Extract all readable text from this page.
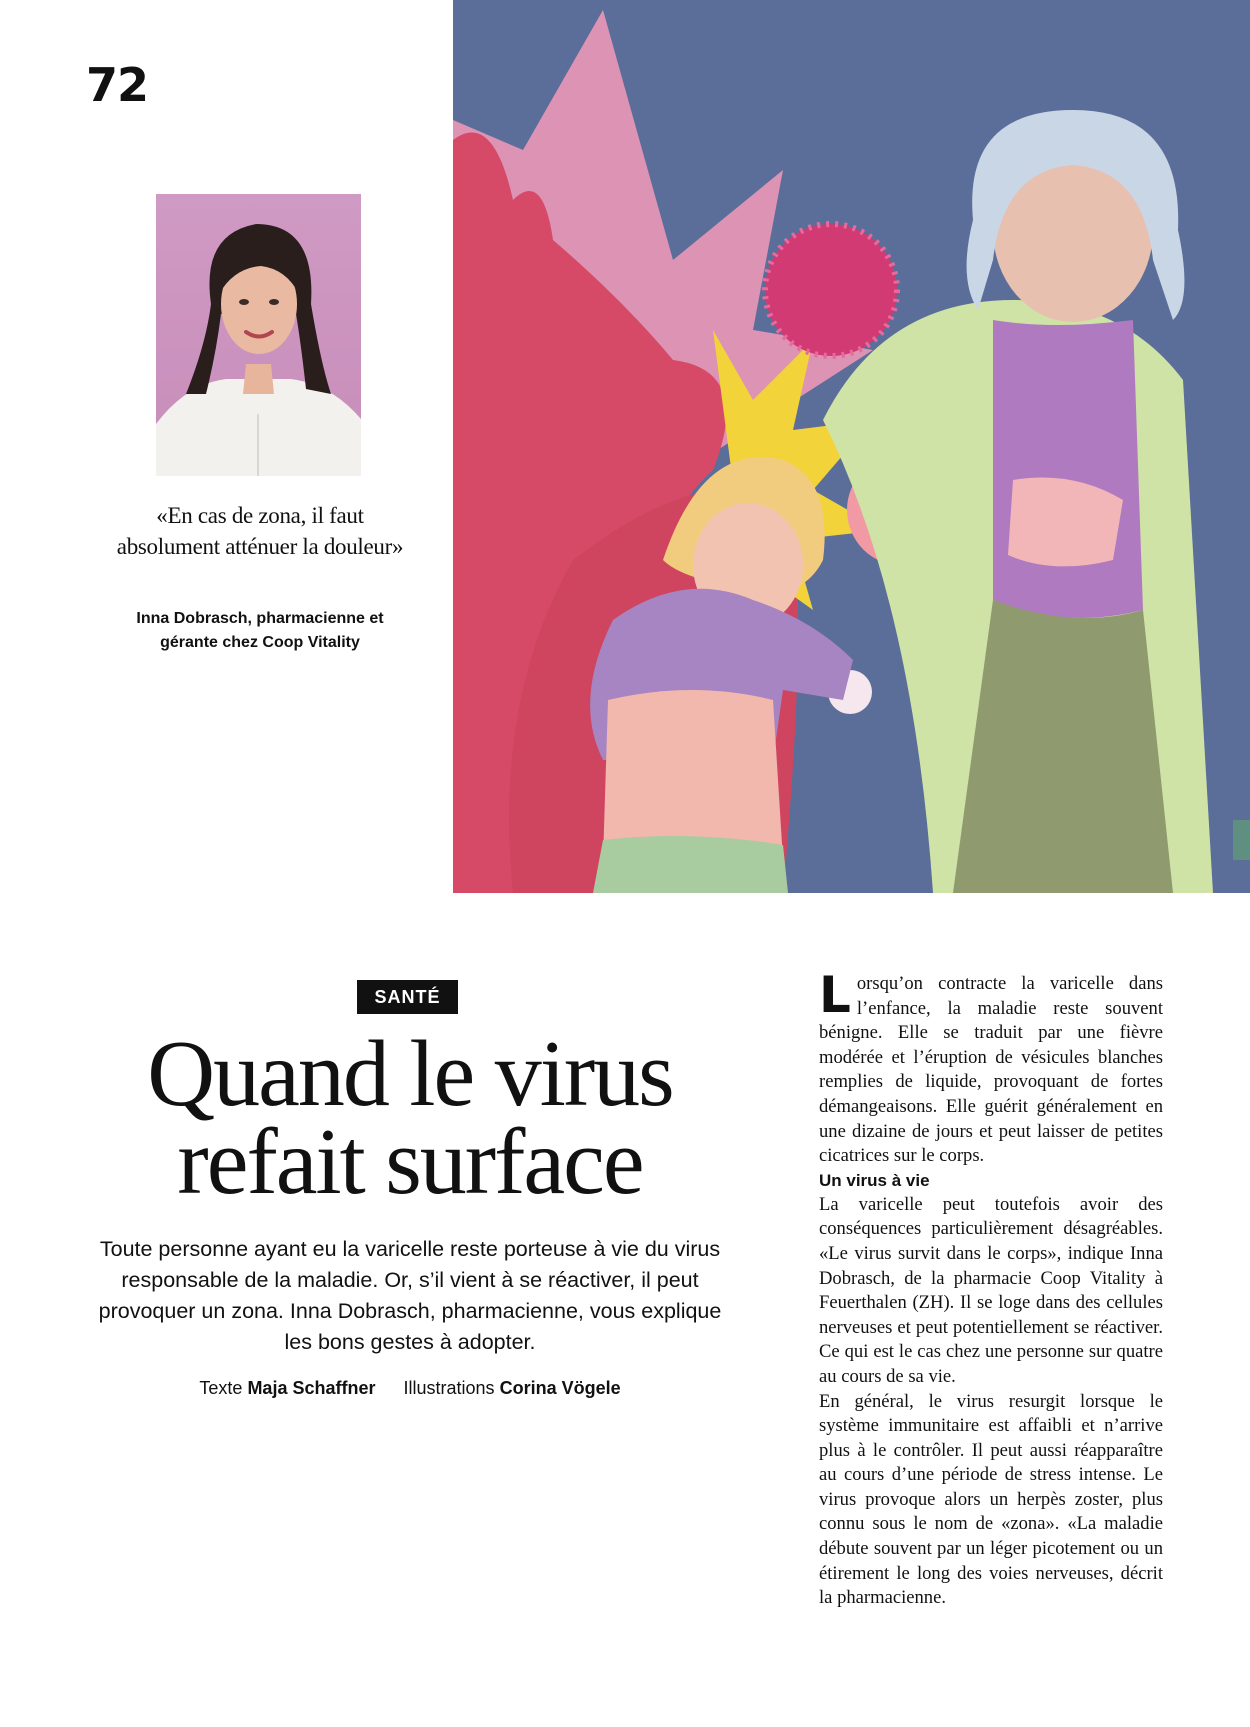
72
«En cas de zona, il faut absolument atténuer la douleur»
Inna Dobrasch, pharmacienne et gérante chez Coop Vitality
SANTÉ
Quand le virus refait surface
Toute personne ayant eu la varicelle reste porteuse à vie du virus responsable de la maladie. Or, s’il vient à se réactiver, il peut provoquer un zona. Inna Dobrasch, pharmacienne, vous explique les bons gestes à adopter.
Texte Maja Schaffner Illustrations Corina Vögele

Lorsqu’on contracte la varicelle dans l’enfance, la maladie reste souvent bénigne. Elle se traduit par une fièvre modérée et l’éruption de vésicules blanches remplies de liquide, provoquant de fortes démangeaisons. Elle guérit généralement en une dizaine de jours et peut laisser de petites cicatrices sur le corps.

Un virus à vie

La varicelle peut toutefois avoir des conséquences particulièrement désagréables. «Le virus survit dans le corps», indique Inna Dobrasch, de la pharmacie Coop Vitality à Feuerthalen (ZH). Il se loge dans des cellules nerveuses et peut potentiellement se réactiver. Ce qui est le cas chez une personne sur quatre au cours de sa vie.

En général, le virus resurgit lorsque le système immunitaire est affaibli et n’arrive plus à le contrôler. Il peut aussi réapparaître au cours d’une période de stress intense. Le virus provoque alors un herpès zoster, plus connu sous le nom de «zona». «La maladie débute souvent par un léger picotement ou un étirement le long des voies nerveuses, décrit la pharmacienne.
